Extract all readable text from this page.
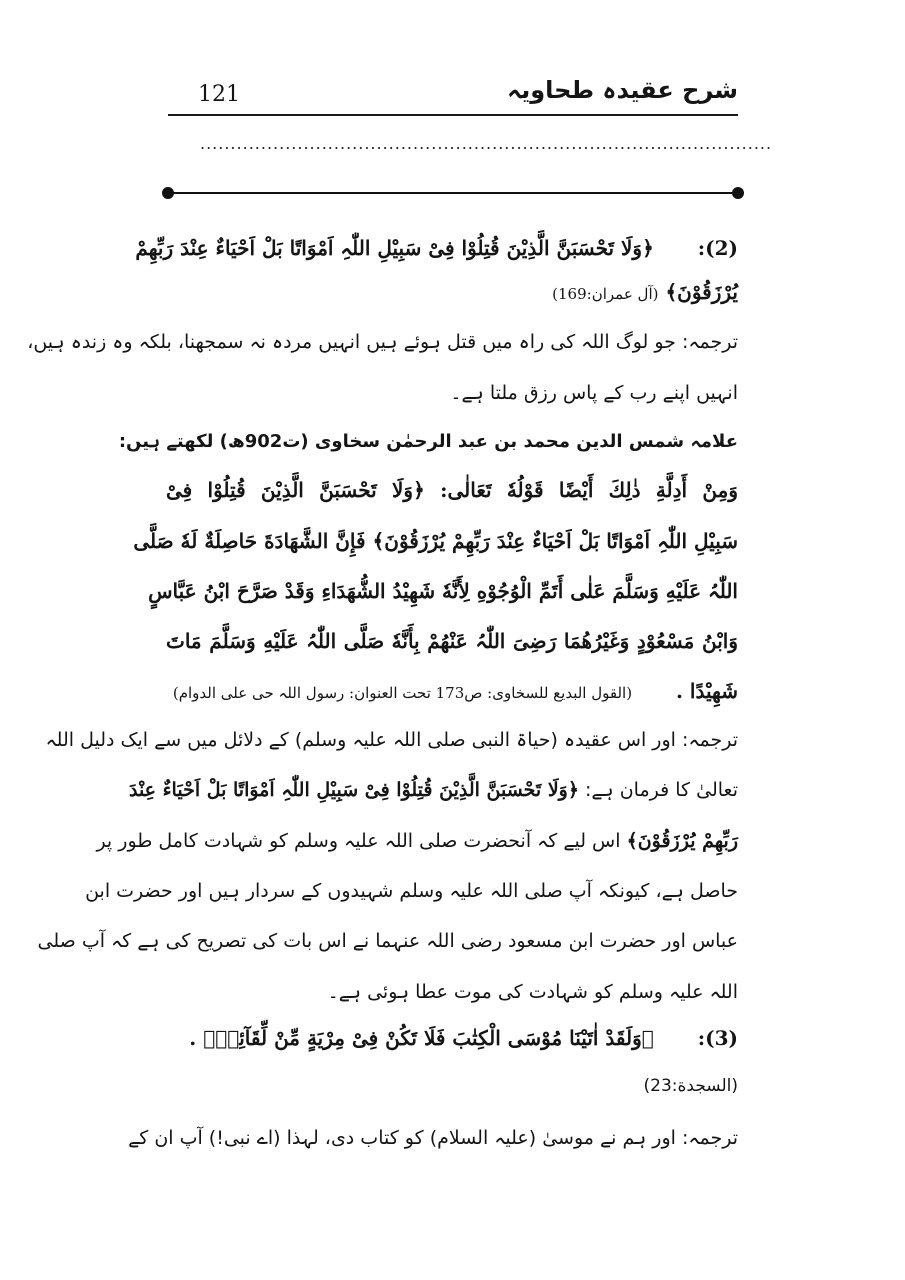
شرح عقیدہ طحاویہ
121
..............................................................................................
(2):  ﴿وَلَا تَحْسَبَنَّ الَّذِیْنَ قُتِلُوْا فِیْ سَبِیْلِ اللّٰہِ اَمْوَاتًا بَلْ اَحْیَاءٌ عِنْدَ رَبِّهِمْ
یُرْزَقُوْنَ﴾ (آل عمران:169)
ترجمہ: جو لوگ اللہ کی راہ میں قتل ہوئے ہیں انہیں مردہ نہ سمجھنا، بلکہ وہ زندہ ہیں،
انہیں اپنے رب کے پاس رزق ملتا ہے۔
علامہ شمس الدین محمد بن عبد الرحمٰن سخاوی (ت902ھ) لکھتے ہیں:
وَمِنْ أَدِلَّةِ ذٰلِكَ أَیْضًا قَوْلُهٗ تَعَالٰی: ﴿وَلَا تَحْسَبَنَّ الَّذِیْنَ قُتِلُوْا فِیْ
سَبِیْلِ اللّٰہِ اَمْوَاتًا بَلْ اَحْیَاءٌ عِنْدَ رَبِّهِمْ یُرْزَقُوْنَ﴾ فَإِنَّ الشَّهَادَةَ حَاصِلَةٌ لَهٗ صَلَّى
اللّٰہُ عَلَیْهِ وَسَلَّمَ عَلٰى أَتَمِّ الْوُجُوْهِ لِأَنَّهٗ شَهِیْدُ الشُّهَدَاءِ وَقَدْ صَرَّحَ ابْنُ عَبَّاسٍ
وَابْنُ مَسْعُوْدٍ وَغَیْرُهُمَا رَضِیَ اللّٰہُ عَنْهُمْ بِأَنَّهٗ صَلَّى اللّٰہُ عَلَیْهِ وَسَلَّمَ مَاتَ
شَهِیْدًا .  (القول البدیع للسخاوی: ص173 تحت العنوان: رسول اللہ حی علی الدوام)
ترجمہ: اور اس عقیدہ (حیاۃ النبی صلی اللہ علیہ وسلم) کے دلائل میں سے ایک دلیل اللہ
تعالیٰ کا فرمان ہے: ﴿وَلَا تَحْسَبَنَّ الَّذِیْنَ قُتِلُوْا فِیْ سَبِیْلِ اللّٰہِ اَمْوَاتًا بَلْ اَحْیَاءٌ عِنْدَ
رَبِّهِمْ یُرْزَقُوْنَ﴾ اس لیے کہ آنحضرت صلی اللہ علیہ وسلم کو شہادت کامل طور پر
حاصل ہے، کیونکہ آپ صلی اللہ علیہ وسلم شہیدوں کے سردار ہیں اور حضرت ابن
عباس اور حضرت ابن مسعود رضی اللہ عنہما نے اس بات کی تصریح کی ہے کہ آپ صلی
اللہ علیہ وسلم کو شہادت کی موت عطا ہوئی ہے۔
(3):  ﴿وَلَقَدْ اٰتَیْنَا مُوْسَى الْكِتٰبَ فَلَا تَكُنْ فِیْ مِرْیَةٍ مِّنْ لِّقَآئِهٖ﴾ .
(السجدة:23)
ترجمہ: اور ہم نے موسیٰ (علیہ السلام) کو کتاب دی، لہذا (اے نبی!) آپ ان کے
